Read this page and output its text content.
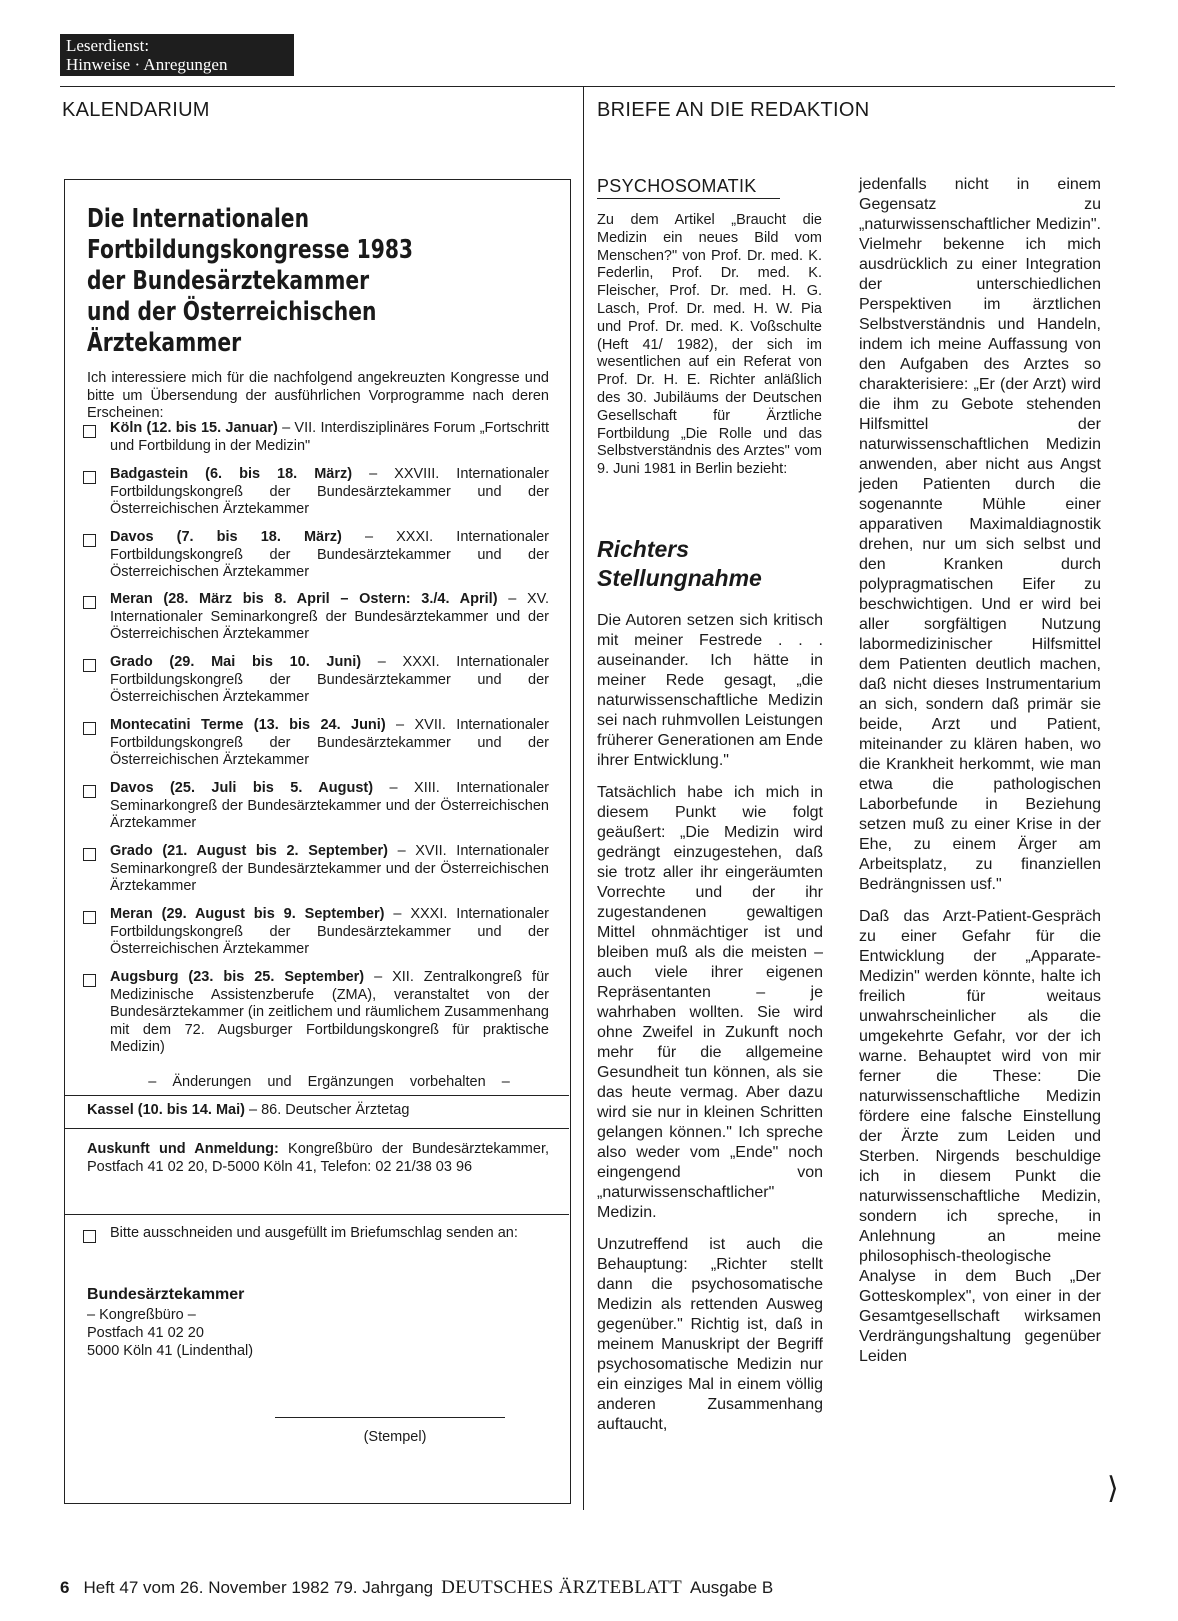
Leserdienst:
Hinweise · Anregungen
KALENDARIUM	BRIEFE AN DIE REDAKTION
Die Internationalen
Fortbildungskongresse 1983
der Bundesärztekammer
und der Österreichischen
Ärztekammer
Ich interessiere mich für die nachfolgend angekreuzten Kongresse und bitte um Übersendung der ausführlichen Vorprogramme nach deren Erscheinen:
Köln (12. bis 15. Januar) – VII. Interdisziplinäres Forum „Fortschritt und Fortbildung in der Medizin"
Badgastein (6. bis 18. März) – XXVIII. Internationaler Fortbildungskongreß der Bundesärztekammer und der Österreichischen Ärztekammer
Davos (7. bis 18. März) – XXXI. Internationaler Fortbildungskongreß der Bundesärztekammer und der Österreichischen Ärztekammer
Meran (28. März bis 8. April – Ostern: 3./4. April) – XV. Internationaler Seminarkongreß der Bundesärztekammer und der Österreichischen Ärztekammer
Grado (29. Mai bis 10. Juni) – XXXI. Internationaler Fortbildungskongreß der Bundesärztekammer und der Österreichischen Ärztekammer
Montecatini Terme (13. bis 24. Juni) – XVII. Internationaler Fortbildungskongreß der Bundesärztekammer und der Österreichischen Ärztekammer
Davos (25. Juli bis 5. August) – XIII. Internationaler Seminarkongreß der Bundesärztekammer und der Österreichischen Ärztekammer
Grado (21. August bis 2. September) – XVII. Internationaler Seminarkongreß der Bundesärztekammer und der Österreichischen Ärztekammer
Meran (29. August bis 9. September) – XXXI. Internationaler Fortbildungskongreß der Bundesärztekammer und der Österreichischen Ärztekammer
Augsburg (23. bis 25. September) – XII. Zentralkongreß für Medizinische Assistenzberufe (ZMA), veranstaltet von der Bundesärztekammer (in zeitlichem und räumlichem Zusammenhang mit dem 72. Augsburger Fortbildungskongreß für praktische Medizin)
– Änderungen und Ergänzungen vorbehalten –
Kassel (10. bis 14. Mai) – 86. Deutscher Ärztetag
Auskunft und Anmeldung: Kongreßbüro der Bundesärztekammer, Postfach 41 02 20, D-5000 Köln 41, Telefon: 02 21/38 03 96
Bitte ausschneiden und ausgefüllt im Briefumschlag senden an:
Bundesärztekammer
– Kongreßbüro –
Postfach 41 02 20
5000 Köln 41 (Lindenthal)
(Stempel)
PSYCHOSOMATIK
Zu dem Artikel „Braucht die Medizin ein neues Bild vom Menschen?" von Prof. Dr. med. K. Federlin, Prof. Dr. med. K. Fleischer, Prof. Dr. med. H. G. Lasch, Prof. Dr. med. H. W. Pia und Prof. Dr. med. K. Voßschulte (Heft 41/ 1982), der sich im wesentlichen auf ein Referat von Prof. Dr. H. E. Richter anläßlich des 30. Jubiläums der Deutschen Gesellschaft für Ärztliche Fortbildung „Die Rolle und das Selbstverständnis des Arztes" vom 9. Juni 1981 in Berlin bezieht:
Richters
Stellungnahme

Die Autoren setzen sich kritisch mit meiner Festrede . . . auseinander. Ich hätte in meiner Rede gesagt, „die naturwissenschaftliche Medizin sei nach ruhmvollen Leistungen früherer Generationen am Ende ihrer Entwicklung."

Tatsächlich habe ich mich in diesem Punkt wie folgt geäußert: „Die Medizin wird gedrängt einzugestehen, daß sie trotz aller ihr eingeräumten Vorrechte und der ihr zugestandenen gewaltigen Mittel ohnmächtiger ist und bleiben muß als die meisten – auch viele ihrer eigenen Repräsentanten – je wahrhaben wollten. Sie wird ohne Zweifel in Zukunft noch mehr für die allgemeine Gesundheit tun können, als sie das heute vermag. Aber dazu wird sie nur in kleinen Schritten gelangen können." Ich spreche also weder vom „Ende" noch eingengend von „naturwissenschaftlicher" Medizin.

Unzutreffend ist auch die Behauptung: „Richter stellt dann die psychosomatische Medizin als rettenden Ausweg gegenüber." Richtig ist, daß in meinem Manuskript der Begriff psychosomatische Medizin nur ein einziges Mal in einem völlig anderen Zusammenhang auftaucht,

jedenfalls nicht in einem Gegensatz zu „naturwissenschaftlicher Medizin". Vielmehr bekenne ich mich ausdrücklich zu einer Integration der unterschiedlichen Perspektiven im ärztlichen Selbstverständnis und Handeln, indem ich meine Auffassung von den Aufgaben des Arztes so charakterisiere: „Er (der Arzt) wird die ihm zu Gebote stehenden Hilfsmittel der naturwissenschaftlichen Medizin anwenden, aber nicht aus Angst jeden Patienten durch die sogenannte Mühle einer apparativen Maximaldiagnostik drehen, nur um sich selbst und den Kranken durch polypragmatischen Eifer zu beschwichtigen. Und er wird bei aller sorgfältigen Nutzung labormedizinischer Hilfsmittel dem Patienten deutlich machen, daß nicht dieses Instrumentarium an sich, sondern daß primär sie beide, Arzt und Patient, miteinander zu klären haben, wo die Krankheit herkommt, wie man etwa die pathologischen Laborbefunde in Beziehung setzen muß zu einer Krise in der Ehe, zu einem Ärger am Arbeitsplatz, zu finanziellen Bedrängnissen usf."

Daß das Arzt-Patient-Gespräch zu einer Gefahr für die Entwicklung der „Apparate-Medizin" werden könnte, halte ich freilich für weitaus unwahrscheinlicher als die umgekehrte Gefahr, vor der ich warne. Behauptet wird von mir ferner die These: Die naturwissenschaftliche Medizin fördere eine falsche Einstellung der Ärzte zum Leiden und Sterben. Nirgends beschuldige ich in diesem Punkt die naturwissenschaftliche Medizin, sondern ich spreche, in Anlehnung an meine philosophisch-theologische Analyse in dem Buch „Der Gotteskomplex", von einer in der Gesamtgesellschaft wirksamen Verdrängungshaltung gegenüber Leiden

⟩
6 Heft 47 vom 26. November 1982 79. Jahrgang DEUTSCHES ÄRZTEBLATT Ausgabe B
